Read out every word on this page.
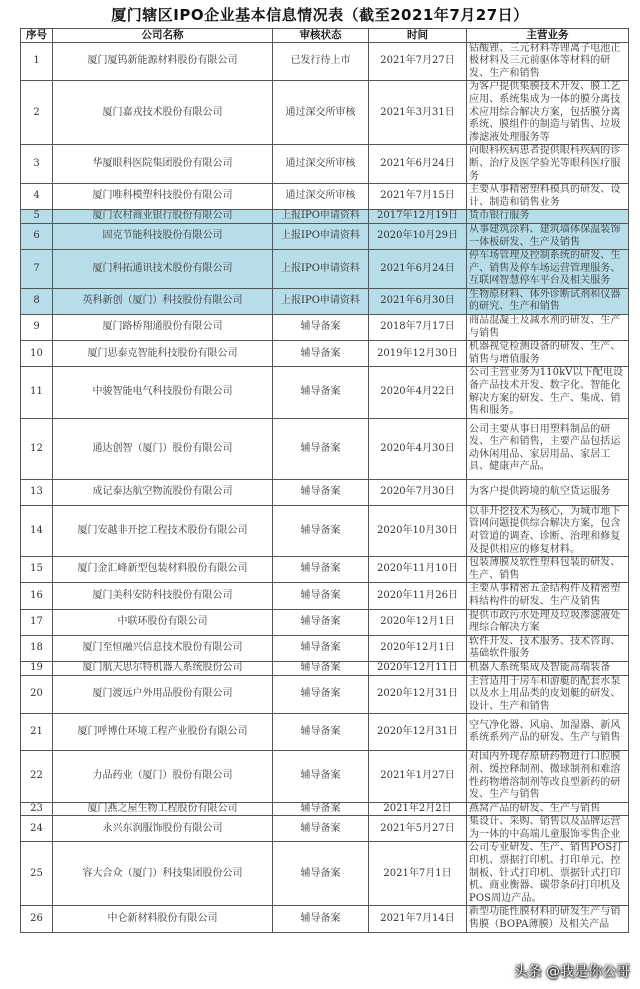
厦门辖区IPO企业基本信息情况表（截至2021年7月27日）
序号	公司名称	审核状态	时间	主营业务
1	厦门厦钨新能源材料股份有限公司	已发行待上市	2021年7月27日	钴酸锂、三元材料等锂离子电池正极材料及三元前驱体等材料的研发、生产和销售
2	厦门嘉戎技术股份有限公司	通过深交所审核	2021年3月31日	为客户提供集膜技术开发、膜工艺应用、系统集成为一体的膜分离技术应用综合解决方案，包括膜分离系统、膜组件的制造与销售、垃圾渗滤液处理服务等
3	华厦眼科医院集团股份有限公司	通过深交所审核	2021年6月24日	向眼科疾病患者提供眼科疾病的诊断、治疗及医学验光等眼科医疗服务
4	厦门唯科模塑科技股份有限公司	通过深交所审核	2021年7月15日	主要从事精密塑料模具的研发、设计、制造和销售业务
5	厦门农村商业银行股份有限公司	上报IPO申请资料	2017年12月19日	货币银行服务
6	固克节能科技股份有限公司	上报IPO申请资料	2020年10月29日	从事建筑涂料、建筑墙体保温装饰一体板研发、生产及销售
7	厦门科拓通讯技术股份有限公司	上报IPO申请资料	2021年6月24日	停车场管理及控制系统的研发、生产、销售及停车场运营管理服务、互联网智慧停车平台及相关服务
8	英科新创（厦门）科技股份有限公司	上报IPO申请资料	2021年6月30日	生物原材料、体外诊断试剂和仪器的研究、生产和销售
9	厦门路桥翔通股份有限公司	辅导备案	2018年7月17日	商品混凝土及减水剂的研发、生产与销售
10	厦门思泰克智能科技股份有限公司	辅导备案	2019年12月30日	机器视觉检测设备的研发、生产、销售与增值服务
11	中骏智能电气科技股份有限公司	辅导备案	2020年4月22日	公司主营业务为110kV以下配电设备产品技术开发、数字化、智能化解决方案的研发、生产、集成、销售和服务。
12	通达创智（厦门）股份有限公司	辅导备案	2020年4月30日	公司主要从事日用塑料制品的研发、生产和销售，主要产品包括运动休闲用品、家居用品、家居工具、健康声产品。
13	成记泰达航空物流股份有限公司	辅导备案	2020年7月30日	为客户提供跨境的航空货运服务
14	厦门安越非开挖工程技术股份有限公司	辅导备案	2020年10月30日	以非开挖技术为核心，为城市地下管网问题提供综合解决方案，包含对管道的调查、诊断、治理和修复及提供相应的修复材料。
15	厦门金汇峰新型包装材料股份有限公司	辅导备案	2020年11月10日	包装薄膜及软性塑料包装的研发、生产、销售
16	厦门美科安防科技股份有限公司	辅导备案	2020年11月26日	主要从事精密五金结构件及精密塑料结构件的研发、生产及销售
17	中联环股份有限公司	辅导备案	2020年12月1日	提供市政污水处理及垃圾渗滤液处理综合解决方案
18	厦门至恒融兴信息技术股份有限公司	辅导备案	2020年12月1日	软件开发、技术服务、技术咨询、基础软件服务
19	厦门航天思尔特机器人系统股份公司	辅导备案	2020年12月11日	机器人系统集成及智能高端装备
20	厦门渡远户外用品股份有限公司	辅导备案	2020年12月31日	主营适用于房车和游艇的配套水泵以及水上用品类的皮划艇的研发、设计、生产和销售
21	厦门呼博仕环境工程产业股份有限公司	辅导备案	2020年12月31日	空气净化器、风扇、加湿器、新风系统系列产品的研发、生产与销售
22	力品药业（厦门）股份有限公司	辅导备案	2021年1月27日	对国内外现存原研药物进行口腔膜剂、缓控释制剂、微球制剂和难溶性药物增溶制剂等改良型新药的研发、生产与销售
23	厦门燕之屋生物工程股份有限公司	辅导备案	2021年2月2日	燕窝产品的研发、生产与销售
24	永兴东润服饰股份有限公司	辅导备案	2021年5月27日	集设计、采购、销售以及品牌运营为一体的中高端儿童服饰零售企业
25	容大合众（厦门）科技集团股份公司	辅导备案	2021年7月1日	公司专业研发、生产、销售POS打印机、票据打印机、打印单元、控制板、针式打印机、票据针式打印机、商业衡器、碳带条码打印机及POS周边产品。
26	中仑新材料股份有限公司	辅导备案	2021年7月14日	新型功能性膜材料的研发生产与销售膜（BOPA薄膜）及相关产品
头条 @我是你公哥
